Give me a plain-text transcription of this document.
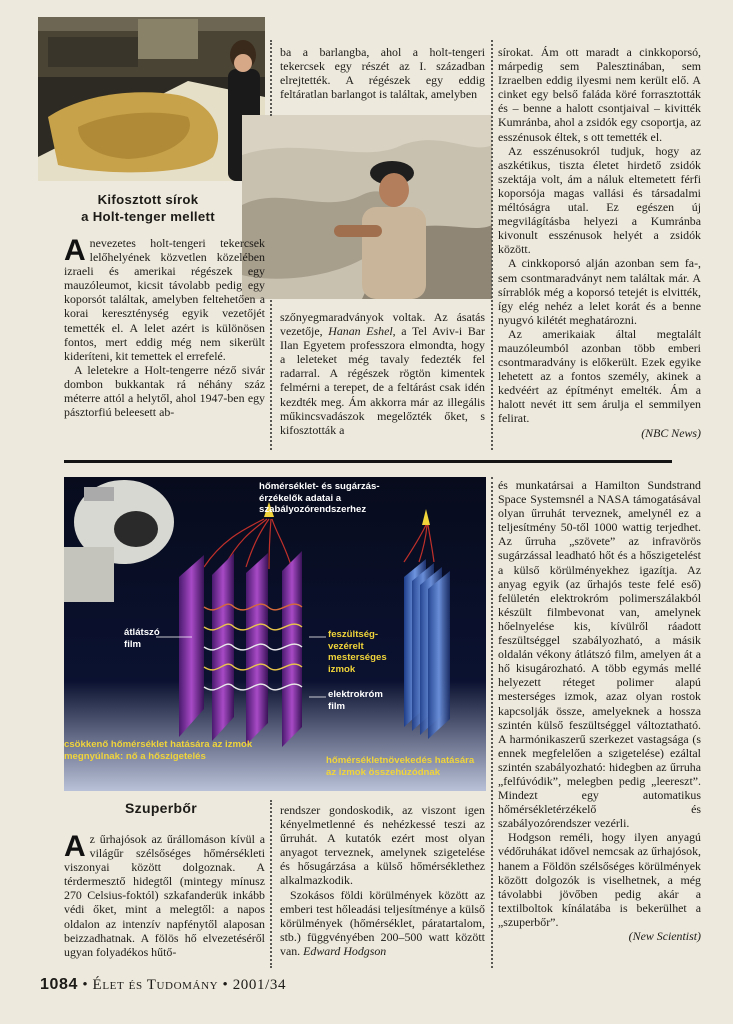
Kifosztott sírok
a Holt-tenger mellett

Anevezetes holt-tengeri tekercsek lelőhelyének közvetlen közelében izraeli és amerikai régészek egy mauzóleumot, kicsit távolabb pedig egy koporsót találtak, amelyben feltehetően a korai kereszténység egyik vezetőjét temették el. A lelet azért is különösen fontos, mert eddig még nem sikerült kideríteni, kit temettek el errefelé.

A leletekre a Holt-tengerre néző sivár dombon bukkantak rá néhány száz méterre attól a helytől, ahol 1947-ben egy pásztorfiú beleesett ab-

ba a barlangba, ahol a holt-tengeri tekercsek egy részét az I. században elrejtették. A régészek egy eddig feltáratlan barlangot is találtak, amelyben

szőnyegmaradványok voltak. Az ásatás vezetője, Hanan Eshel, a Tel Aviv-i Bar Ilan Egyetem professzora elmondta, hogy a leleteket még tavaly fedezték fel radarral. A régészek rögtön kimentek felmérni a terepet, de a feltárást csak idén kezdték meg. Ám akkorra már az illegális műkincsvadászok megelőzték őket, s kifosztották a

sírokat. Ám ott maradt a cinkkoporsó, márpedig sem Palesztinában, sem Izraelben eddig ilyesmi nem került elő. A cinket egy belső faláda köré forrasztották és – benne a halott csontjaival – kivitték Kumránba, ahol a zsidók egy csoportja, az esszénusok éltek, s ott temették el.

Az esszénusokról tudjuk, hogy az aszkétikus, tiszta életet hirdető zsidók szektája volt, ám a náluk eltemetett férfi koporsója magas vallási és társadalmi méltóságra utal. Ez egészen új megvilágításba helyezi a Kumránba kivonult esszénusok helyét a zsidók között.

A cinkkoporsó alján azonban sem fa-, sem csontmaradványt nem találtak már. A sírrablók még a koporsó tetejét is elvitték, így elég nehéz a lelet korát és a benne nyugvó kilétét meghatározni.

Az amerikaiak által megtalált mauzóleumból azonban több emberi csontmaradvány is előkerült. Ezek egyike lehetett az a fontos személy, akinek a kedvéért az építményt emelték. Ám a halott nevét itt sem árulja el semmilyen felirat.

(NBC News)

hőmérséklet- és sugárzás-érzékelők adatai a szabályozórendszerhez
átlátszó film
feszültség-vezérelt mesterséges izmok
elektrokróm film
csökkenő hőmérséklet hatására az izmok megnyúlnak: nő a hőszigetelés	hőmérsékletnövekedés hatására az izmok összehúzódnak
Szuperbőr

Az űrhajósok az űrállomáson kívül a világűr szélsőséges hőmérsékleti viszonyai között dolgoznak. A térdermesztő hidegtől (mintegy mínusz 270 Celsius-foktól) szkafanderük inkább védi őket, mint a melegtől: a napos oldalon az intenzív napfénytől alaposan beizzadhatnak. A fölös hő elvezetéséről ugyan folyadékos hűtő-

rendszer gondoskodik, az viszont igen kényelmetlenné és nehézkessé teszi az űrruhát. A kutatók ezért most olyan anyagot terveznek, amelynek szigetelése és hősugárzása a külső hőmérséklethez alkalmazkodik.

Szokásos földi körülmények között az emberi test hőleadási teljesítménye a külső körülmények (hőmérséklet, páratartalom, stb.) függvényében 200–500 watt között van. Edward Hodgson

és munkatársai a Hamilton Sundstrand Space Systemsnél a NASA támogatásával olyan űrruhát terveznek, amelynél ez a teljesítmény 50-től 1000 wattig terjedhet. Az űrruha „szövete” az infravörös sugárzással leadható hőt és a hőszigetelést a külső körülményekhez igazítja. Az anyag egyik (az űrhajós teste felé eső) felületén elektrokróm polimerszálakból készült filmbevonat van, amelynek hőelnyelése kis, kívülről ráadott feszültséggel szabályozható, a másik oldalán vékony átlátszó film, amelyen át a hő kisugározható. A több egymás mellé helyezett réteget polimer alapú mesterséges izmok, azaz olyan rostok kapcsolják össze, amelyeknek a hossza szintén külső feszültséggel változtatható. A harmónikaszerű szerkezet vastagsága (s ennek megfelelően a szigetelése) ezáltal szintén szabályozható: hidegben az űrruha „felfúvódik”, melegben pedig „leereszt”. Mindezt egy automatikus hőmérsékletérzékelő és szabályozórendszer vezérli.

Hodgson reméli, hogy ilyen anyagú védőruhákat idővel nemcsak az űrhajósok, hanem a Földön szélsőséges körülmények között dolgozók is viselhetnek, a még távolabbi jövőben pedig akár a textilboltok kínálatába is bekerülhet a „szuperbőr”.

(New Scientist)

1084 • Élet és Tudomány • 2001/34
